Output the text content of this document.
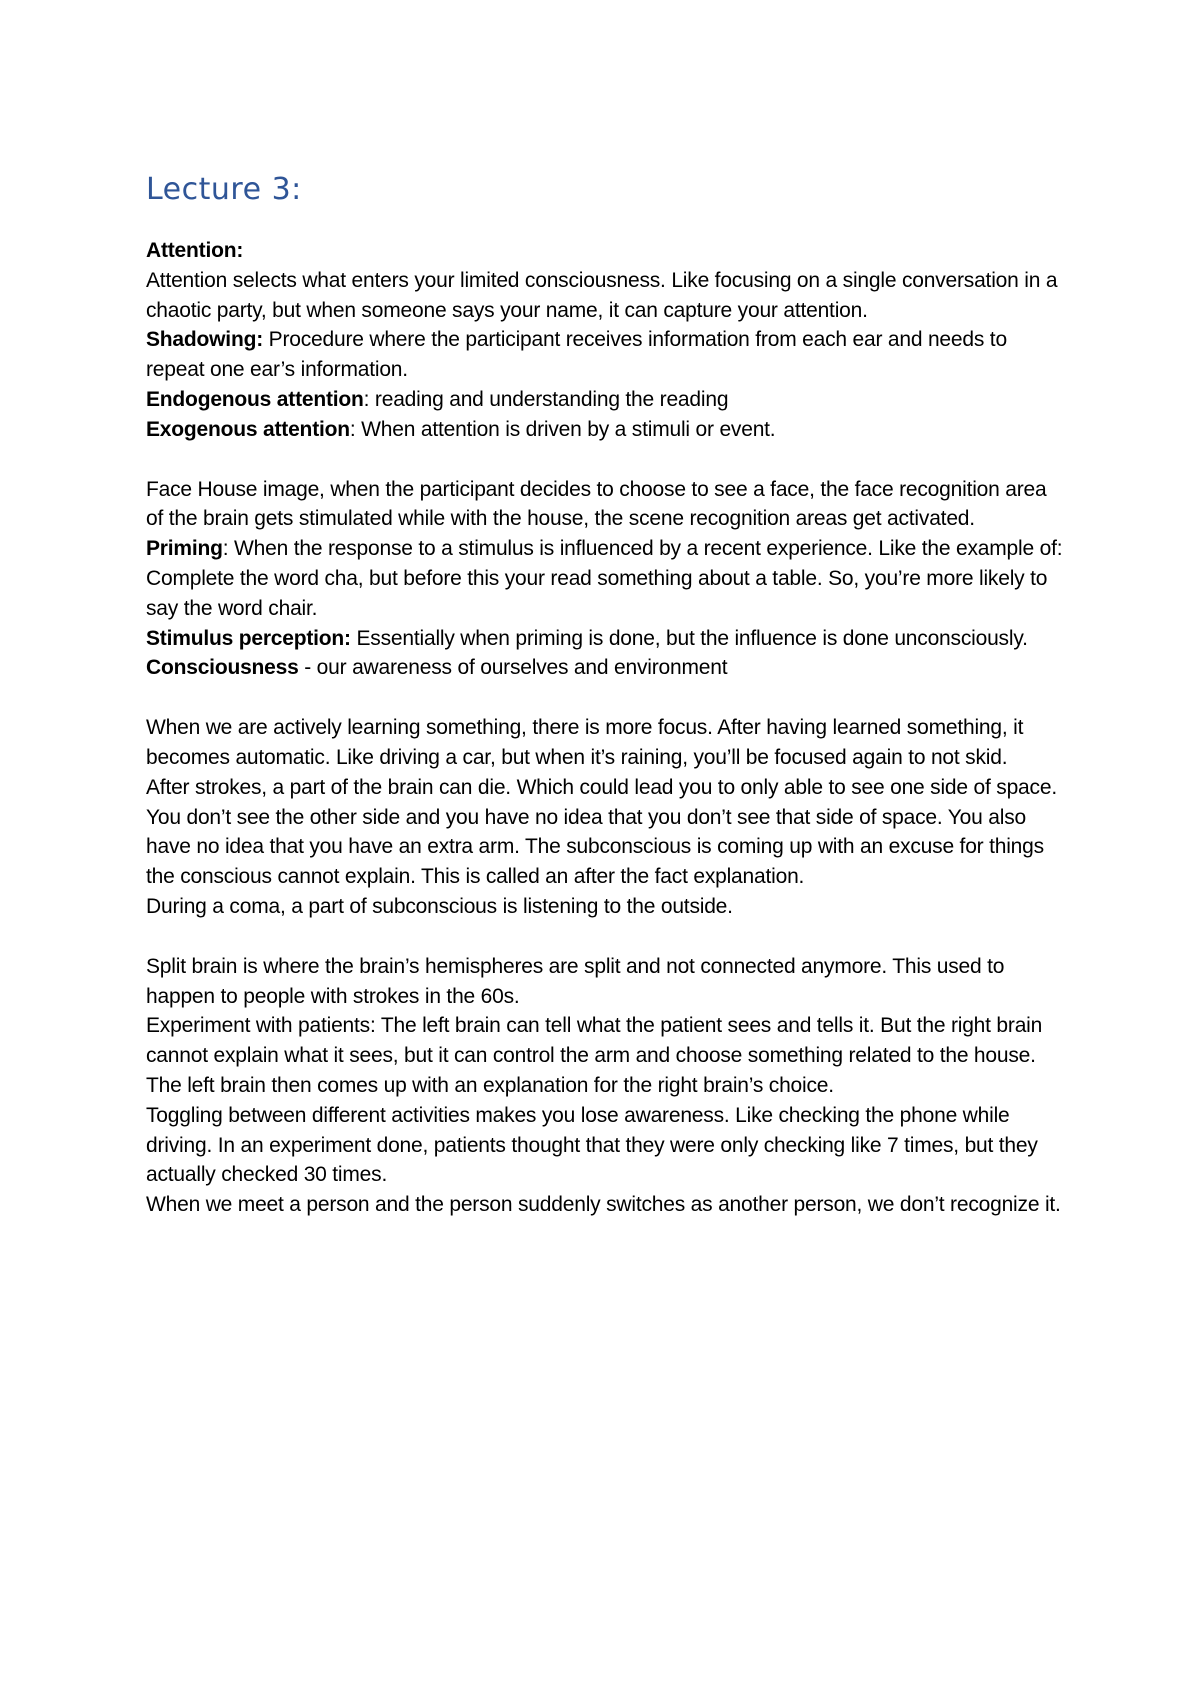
Lecture 3:

Attention:

Attention selects what enters your limited consciousness. Like focusing on a single conversation in a chaotic party, but when someone says your name, it can capture your attention.

Shadowing: Procedure where the participant receives information from each ear and needs to repeat one ear’s information.

Endogenous attention: reading and understanding the reading

Exogenous attention: When attention is driven by a stimuli or event.

Face House image, when the participant decides to choose to see a face, the face recognition area of the brain gets stimulated while with the house, the scene recognition areas get activated.

Priming: When the response to a stimulus is influenced by a recent experience. Like the example of: Complete the word cha, but before this your read something about a table. So, you’re more likely to say the word chair.

Stimulus perception: Essentially when priming is done, but the influence is done unconsciously.

Consciousness - our awareness of ourselves and environment

When we are actively learning something, there is more focus. After having learned something, it becomes automatic. Like driving a car, but when it’s raining, you’ll be focused again to not skid.

After strokes, a part of the brain can die. Which could lead you to only able to see one side of space. You don’t see the other side and you have no idea that you don’t see that side of space. You also have no idea that you have an extra arm. The subconscious is coming up with an excuse for things the conscious cannot explain. This is called an after the fact explanation.

During a coma, a part of subconscious is listening to the outside.

Split brain is where the brain’s hemispheres are split and not connected anymore. This used to happen to people with strokes in the 60s.

Experiment with patients: The left brain can tell what the patient sees and tells it. But the right brain cannot explain what it sees, but it can control the arm and choose something related to the house. The left brain then comes up with an explanation for the right brain’s choice.

Toggling between different activities makes you lose awareness. Like checking the phone while driving. In an experiment done, patients thought that they were only checking like 7 times, but they actually checked 30 times.

When we meet a person and the person suddenly switches as another person, we don’t recognize it.
